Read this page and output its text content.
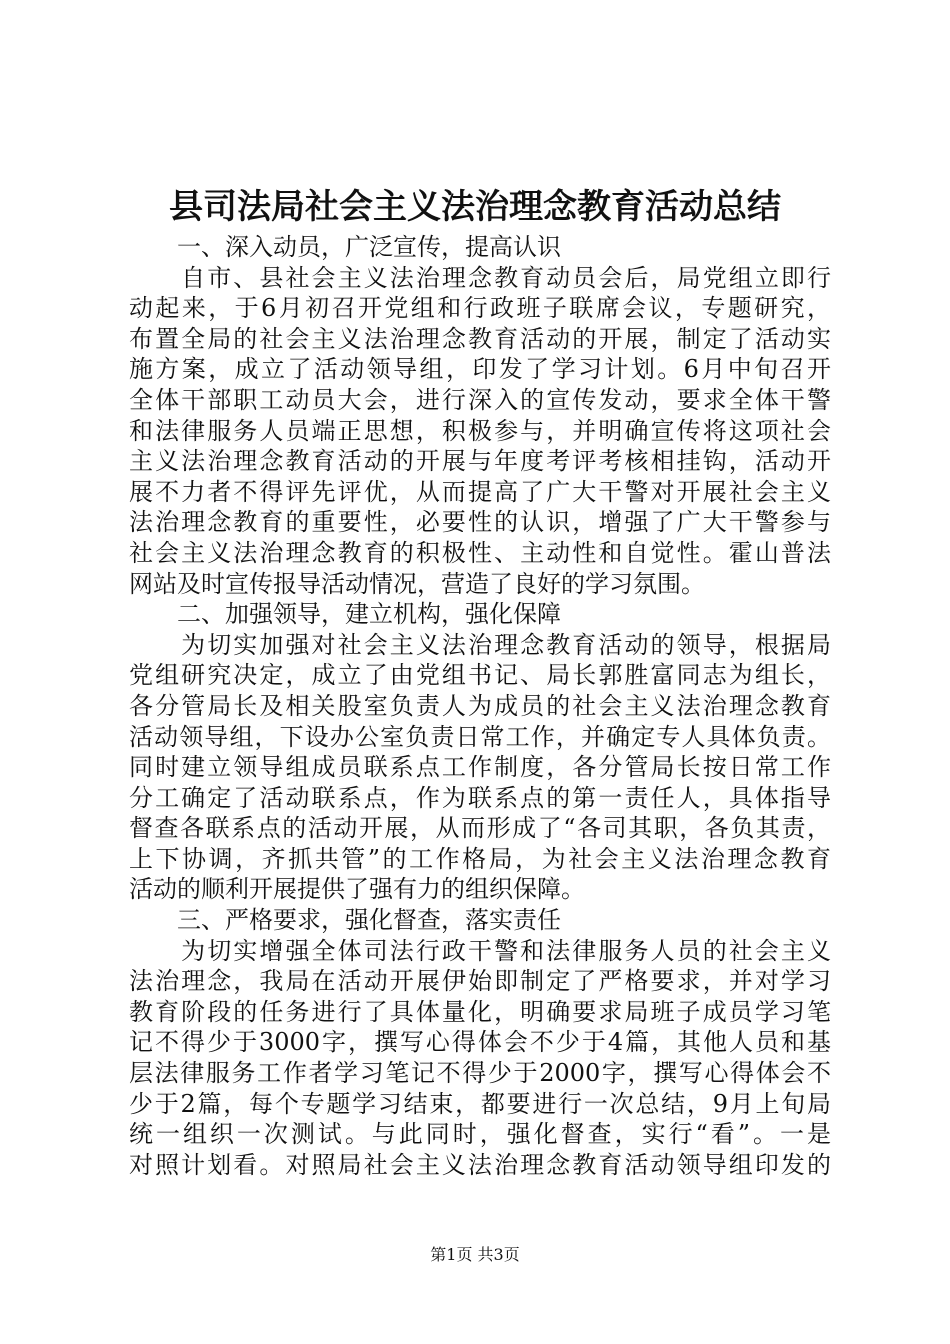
县司法局社会主义法治理念教育活动总结
　　一、深入动员，广泛宣传，提高认识
　　自市、县社会主义法治理念教育动员会后，局党组立即行
动起来，于6月初召开党组和行政班子联席会议，专题研究，
布置全局的社会主义法治理念教育活动的开展，制定了活动实
施方案，成立了活动领导组，印发了学习计划。6月中旬召开
全体干部职工动员大会，进行深入的宣传发动，要求全体干警
和法律服务人员端正思想，积极参与，并明确宣传将这项社会
主义法治理念教育活动的开展与年度考评考核相挂钩，活动开
展不力者不得评先评优，从而提高了广大干警对开展社会主义
法治理念教育的重要性，必要性的认识，增强了广大干警参与
社会主义法治理念教育的积极性、主动性和自觉性。霍山普法
网站及时宣传报导活动情况，营造了良好的学习氛围。
　　二、加强领导，建立机构，强化保障
　　为切实加强对社会主义法治理念教育活动的领导，根据局
党组研究决定，成立了由党组书记、局长郭胜富同志为组长，
各分管局长及相关股室负责人为成员的社会主义法治理念教育
活动领导组，下设办公室负责日常工作，并确定专人具体负责。
同时建立领导组成员联系点工作制度，各分管局长按日常工作
分工确定了活动联系点，作为联系点的第一责任人，具体指导
督查各联系点的活动开展，从而形成了“各司其职，各负其责，
上下协调，齐抓共管”的工作格局，为社会主义法治理念教育
活动的顺利开展提供了强有力的组织保障。
　　三、严格要求，强化督查，落实责任
　　为切实增强全体司法行政干警和法律服务人员的社会主义
法治理念，我局在活动开展伊始即制定了严格要求，并对学习
教育阶段的任务进行了具体量化，明确要求局班子成员学习笔
记不得少于3000字，撰写心得体会不少于4篇，其他人员和基
层法律服务工作者学习笔记不得少于2000字，撰写心得体会不
少于2篇，每个专题学习结束，都要进行一次总结，9月上旬局
统一组织一次测试。与此同时，强化督查，实行“看”。一是
对照计划看。对照局社会主义法治理念教育活动领导组印发的
第1页 共3页
